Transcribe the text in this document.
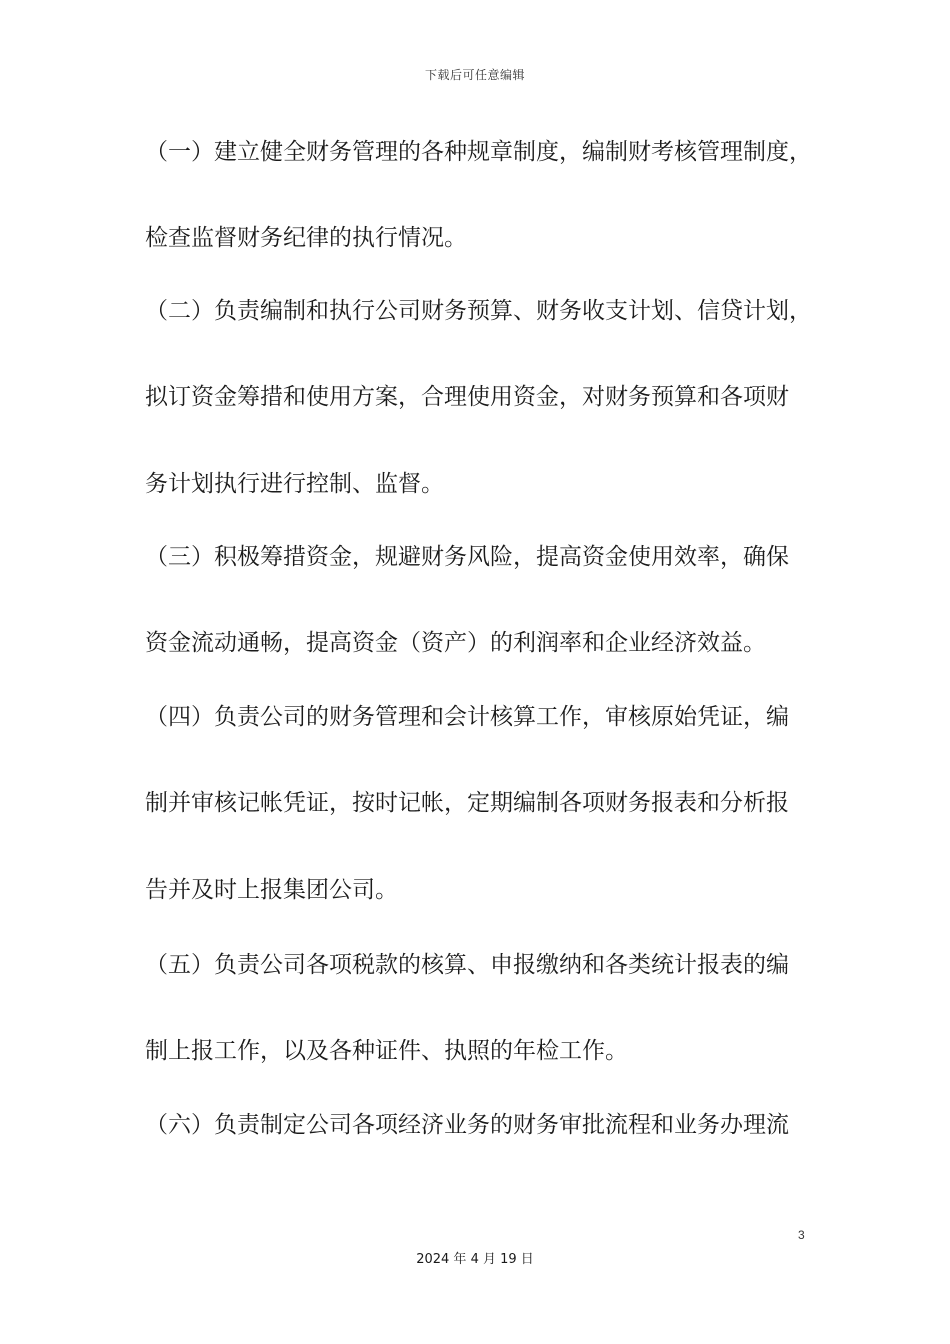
下载后可任意编辑
（一）建立健全财务管理的各种规章制度，编制财考核管理制度，
检查监督财务纪律的执行情况。
（二）负责编制和执行公司财务预算、财务收支计划、信贷计划，
拟订资金筹措和使用方案，合理使用资金，对财务预算和各项财
务计划执行进行控制、监督。
（三）积极筹措资金，规避财务风险，提高资金使用效率，确保
资金流动通畅，提高资金（资产）的利润率和企业经济效益。
（四）负责公司的财务管理和会计核算工作，审核原始凭证，编
制并审核记帐凭证，按时记帐，定期编制各项财务报表和分析报
告并及时上报集团公司。
（五）负责公司各项税款的核算、申报缴纳和各类统计报表的编
制上报工作，以及各种证件、执照的年检工作。
（六）负责制定公司各项经济业务的财务审批流程和业务办理流
3
2024 年 4 月 19 日
